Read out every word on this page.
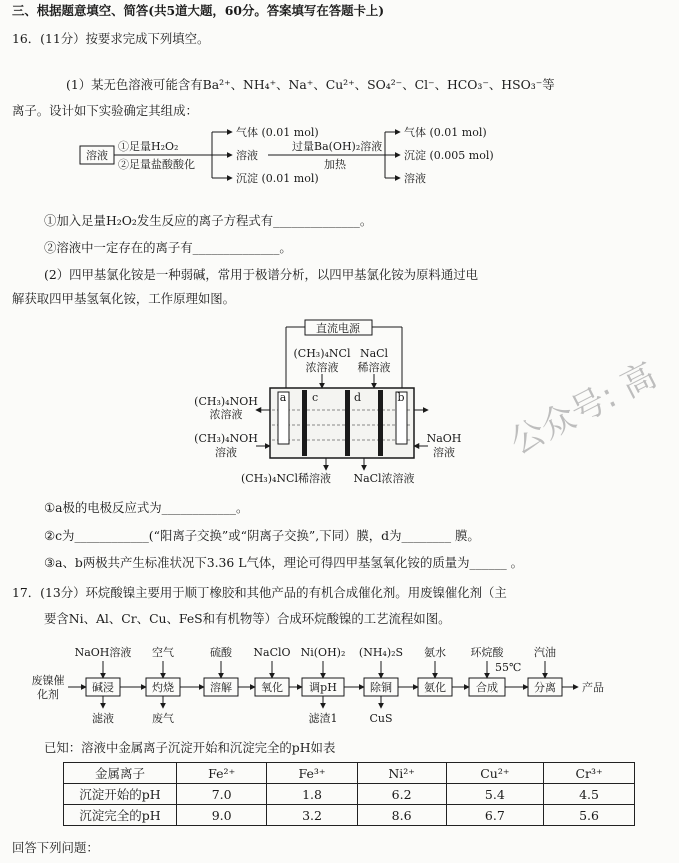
三、根据题意填空、简答(共5道大题，60分。答案填写在答题卡上)
16．(11分）按要求完成下列填空。
(1）某无色溶液可能含有Ba²⁺、NH₄⁺、Na⁺、Cu²⁺、SO₄²⁻、Cl⁻、HCO₃⁻、HSO₃⁻等
离子。设计如下实验确定其组成：
①加入足量H₂O₂发生反应的离子方程式有______________。
②溶液中一定存在的离子有______________。
(2）四甲基氯化铵是一种弱碱，常用于极谱分析，以四甲基氯化铵为原料通过电
解获取四甲基氢氧化铵，工作原理如图。
①a极的电极反应式为____________。
②c为____________(“阳离子交换”或“阴离子交换”,下同）膜，d为________ 膜。
③a、b两极共产生标准状况下3.36 L气体，理论可得四甲基氢氧化铵的质量为______ 。
17．(13分）环烷酸镍主要用于顺丁橡胶和其他产品的有机合成催化剂。用废镍催化剂（主
要含Ni、Al、Cr、Cu、FeS和有机物等）合成环烷酸镍的工艺流程如图。
已知：溶液中金属离子沉淀开始和沉淀完全的pH如表
回答下列问题：
溶液
①足量H₂O₂
②足量盐酸酸化
气体 (0.01 mol)
溶液
沉淀 (0.01 mol)
过量Ba(OH)₂溶液
加热
气体 (0.01 mol)
沉淀 (0.005 mol)
溶液
直流电源
(CH₃)₄NCl
浓溶液
NaCl
稀溶液
a	b
c	d
(CH₃)₄NOH
浓溶液
(CH₃)₄NOH
溶液
NaOH
溶液
(CH₃)₄NCl稀溶液 NaCl浓溶液
废镍催
化剂
碱浸
NaOH溶液
灼烧
空气
溶解
硫酸
氧化
NaClO
调pH
Ni(OH)₂
除铜
(NH₄)₂S
氨化
氨水
合成
环烷酸
分离
汽油
产品
55℃
滤液	废气	滤渣1	CuS
金属离子	Fe²⁺	Fe³⁺	Ni²⁺	Cu²⁺	Cr³⁺
沉淀开始的pH	7.0	1.8	6.2	5.4	4.5
沉淀完全的pH	9.0	3.2	8.6	6.7	5.6
公众号: 高
